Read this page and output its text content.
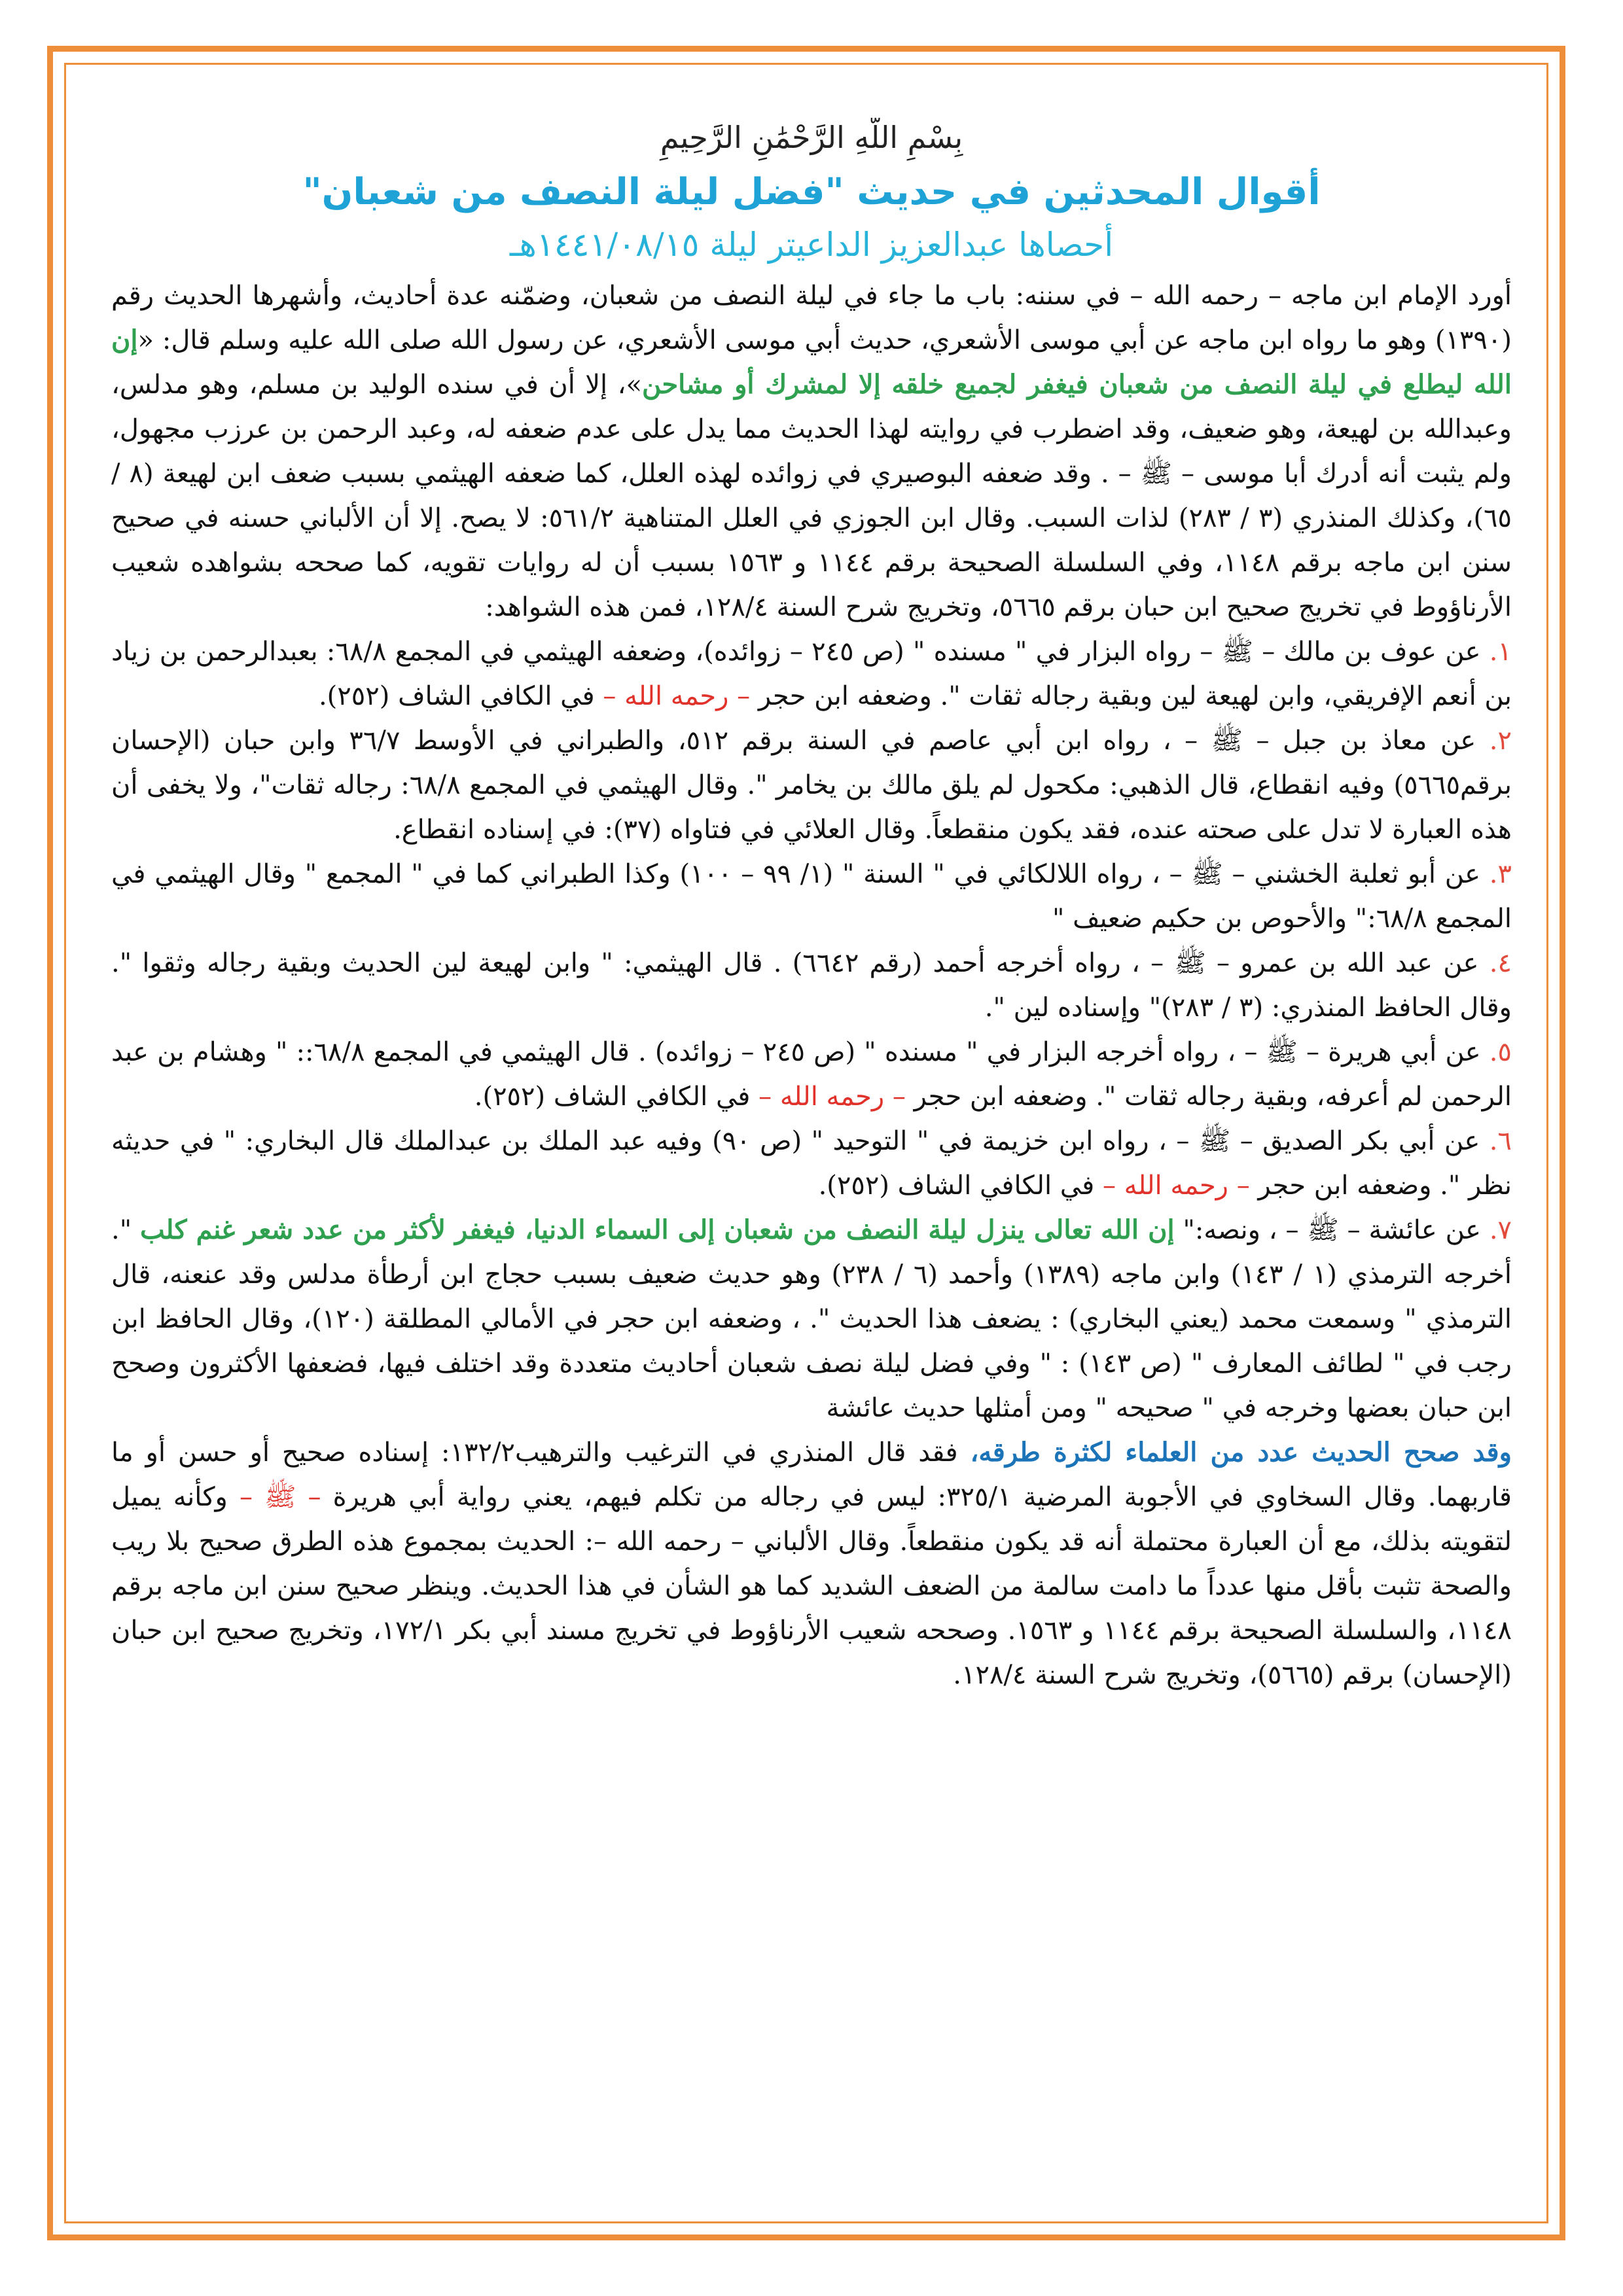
بِسْمِ اللَّهِ الرَّحْمَٰنِ الرَّحِيمِ
أقوال المحدثين في حديث "فضل ليلة النصف من شعبان"
أحصاها عبدالعزيز الداعيتر ليلة ١٤٤١/٠٨/١٥هـ

أورد الإمام ابن ماجه – رحمه الله – في سننه: باب ما جاء في ليلة النصف من شعبان، وضمّنه عدة أحاديث، وأشهرها الحديث رقم (١٣٩٠) وهو ما رواه ابن ماجه عن أبي موسى الأشعري، حديث أبي موسى الأشعري، عن رسول الله صلى الله عليه وسلم قال: «إن الله ليطلع في ليلة النصف من شعبان فيغفر لجميع خلقه إلا لمشرك أو مشاحن»، إلا أن في سنده الوليد بن مسلم، وهو مدلس، وعبدالله بن لهيعة، وهو ضعيف، وقد اضطرب في روايته لهذا الحديث مما يدل على عدم ضعفه له، وعبد الرحمن بن عرزب مجهول، ولم يثبت أنه أدرك أبا موسى – ﷺ – . وقد ضعفه البوصيري في زوائده لهذه العلل، كما ضعفه الهيثمي بسبب ضعف ابن لهيعة (٨ / ٦٥)، وكذلك المنذري (٣ / ٢٨٣) لذات السبب. وقال ابن الجوزي في العلل المتناهية ٥٦١/٢: لا يصح. إلا أن الألباني حسنه في صحيح سنن ابن ماجه برقم ١١٤٨، وفي السلسلة الصحيحة برقم ١١٤٤ و ١٥٦٣ بسبب أن له روايات تقويه، كما صححه بشواهده شعيب الأرناؤوط في تخريج صحيح ابن حبان برقم ٥٦٦٥، وتخريج شرح السنة ١٢٨/٤، فمن هذه الشواهد:

١. عن عوف بن مالك – ﷺ – رواه البزار في " مسنده " (ص ٢٤٥ – زوائده)، وضعفه الهيثمي في المجمع ٦٨/٨: بعبدالرحمن بن زياد بن أنعم الإفريقي، وابن لهيعة لين وبقية رجاله ثقات ". وضعفه ابن حجر – رحمه الله – في الكافي الشاف (٢٥٢).

٢. عن معاذ بن جبل – ﷺ – ، رواه ابن أبي عاصم في السنة برقم ٥١٢، والطبراني في الأوسط ٣٦/٧ وابن حبان (الإحسان برقم٥٦٦٥) وفيه انقطاع، قال الذهبي: مكحول لم يلق مالك بن يخامر ". وقال الهيثمي في المجمع ٦٨/٨: رجاله ثقات"، ولا يخفى أن هذه العبارة لا تدل على صحته عنده، فقد يكون منقطعاً. وقال العلائي في فتاواه (٣٧): في إسناده انقطاع.

٣. عن أبو ثعلبة الخشني – ﷺ – ، رواه اللالكائي في " السنة " (١/ ٩٩ – ١٠٠) وكذا الطبراني كما في " المجمع " وقال الهيثمي في المجمع ٦٨/٨:" والأحوص بن حكيم ضعيف "

٤. عن عبد الله بن عمرو – ﷺ – ، رواه أخرجه أحمد (رقم ٦٦٤٢) . قال الهيثمي: " وابن لهيعة لين الحديث وبقية رجاله وثقوا ". وقال الحافظ المنذري: (٣ / ٢٨٣)" وإسناده لين ".

٥. عن أبي هريرة – ﷺ – ، رواه أخرجه البزار في " مسنده " (ص ٢٤٥ – زوائده) . قال الهيثمي في المجمع ٦٨/٨:: " وهشام بن عبد الرحمن لم أعرفه، وبقية رجاله ثقات ". وضعفه ابن حجر – رحمه الله – في الكافي الشاف (٢٥٢).

٦. عن أبي بكر الصديق – ﷺ – ، رواه ابن خزيمة في " التوحيد " (ص ٩٠) وفيه عبد الملك بن عبدالملك قال البخاري: " في حديثه نظر ". وضعفه ابن حجر – رحمه الله – في الكافي الشاف (٢٥٢).

٧. عن عائشة – ﷺ – ، ونصه:" إن الله تعالى ينزل ليلة النصف من شعبان إلى السماء الدنيا، فيغفر لأكثر من عدد شعر غنم كلب ". أخرجه الترمذي (١ / ١٤٣) وابن ماجه (١٣٨٩) وأحمد (٦ / ٢٣٨) وهو حديث ضعيف بسبب حجاج ابن أرطأة مدلس وقد عنعنه، قال الترمذي " وسمعت محمد (يعني البخاري) : يضعف هذا الحديث ". ، وضعفه ابن حجر في الأمالي المطلقة (١٢٠)، وقال الحافظ ابن رجب في " لطائف المعارف " (ص ١٤٣) : " وفي فضل ليلة نصف شعبان أحاديث متعددة وقد اختلف فيها، فضعفها الأكثرون وصحح ابن حبان بعضها وخرجه في " صحيحه " ومن أمثلها حديث عائشة

وقد صحح الحديث عدد من العلماء لكثرة طرقه، فقد قال المنذري في الترغيب والترهيب١٣٢/٢: إسناده صحيح أو حسن أو ما قاربهما. وقال السخاوي في الأجوبة المرضية ٣٢٥/١: ليس في رجاله من تكلم فيهم، يعني رواية أبي هريرة – ﷺ – وكأنه يميل لتقويته بذلك، مع أن العبارة محتملة أنه قد يكون منقطعاً. وقال الألباني – رحمه الله –: الحديث بمجموع هذه الطرق صحيح بلا ريب والصحة تثبت بأقل منها عدداً ما دامت سالمة من الضعف الشديد كما هو الشأن في هذا الحديث. وينظر صحيح سنن ابن ماجه برقم ١١٤٨، والسلسلة الصحيحة برقم ١١٤٤ و ١٥٦٣. وصححه شعيب الأرناؤوط في تخريج مسند أبي بكر ١٧٢/١، وتخريج صحيح ابن حبان (الإحسان) برقم (٥٦٦٥)، وتخريج شرح السنة ١٢٨/٤.
